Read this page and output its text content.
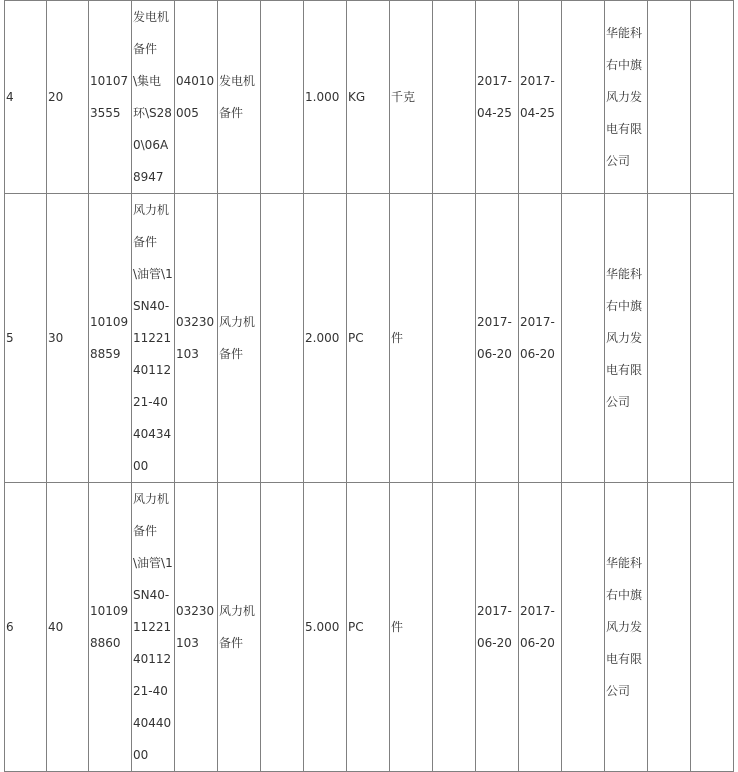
4	20	101073555	发电机备件\集电环\S280\06A8947	04010005	发电机备件		1.000	KG	千克		2017-04-25	2017-04-25		华能科右中旗风力发电有限公司		
5	30	101098859	风力机备件\油管\1SN40-112214011221-404043400	03230103	风力机备件		2.000	PC	件		2017-06-20	2017-06-20		华能科右中旗风力发电有限公司		
6	40	101098860	风力机备件\油管\1SN40-112214011221-404044000	03230103	风力机备件		5.000	PC	件		2017-06-20	2017-06-20		华能科右中旗风力发电有限公司		
